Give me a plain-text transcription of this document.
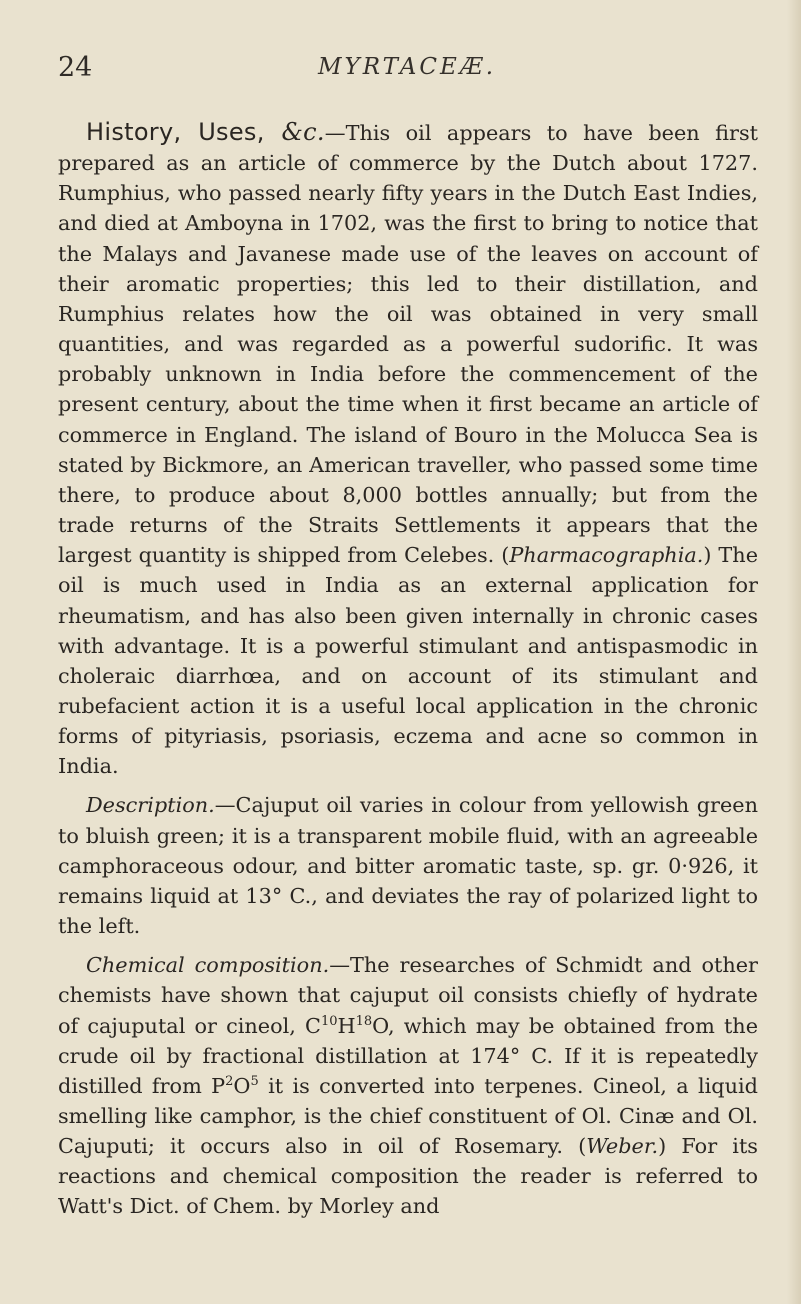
24	MYRTACEÆ.

History, Uses, &c.—This oil appears to have been first prepared as an article of commerce by the Dutch about 1727. Rumphius, who passed nearly fifty years in the Dutch East Indies, and died at Amboyna in 1702, was the first to bring to notice that the Malays and Javanese made use of the leaves on account of their aromatic properties; this led to their distillation, and Rumphius relates how the oil was obtained in very small quantities, and was regarded as a powerful sudorific. It was probably unknown in India before the commencement of the present century, about the time when it first became an article of commerce in England. The island of Bouro in the Molucca Sea is stated by Bickmore, an American traveller, who passed some time there, to produce about 8,000 bottles annually; but from the trade returns of the Straits Settlements it appears that the largest quantity is shipped from Celebes. (Pharmacographia.) The oil is much used in India as an external application for rheumatism, and has also been given internally in chronic cases with advantage. It is a powerful stimulant and antispasmodic in choleraic diarrhœa, and on account of its stimulant and rubefacient action it is a useful local application in the chronic forms of pityriasis, psoriasis, eczema and acne so common in India.

Description.—Cajuput oil varies in colour from yellowish green to bluish green; it is a transparent mobile fluid, with an agreeable camphoraceous odour, and bitter aromatic taste, sp. gr. 0·926, it remains liquid at 13° C., and deviates the ray of polarized light to the left.

Chemical composition.—The researches of Schmidt and other chemists have shown that cajuput oil consists chiefly of hydrate of cajuputal or cineol, $C^{10}H^{18}O$, which may be obtained from the crude oil by fractional distillation at 174° C. If it is repeatedly distilled from $P^2O^5$ it is converted into terpenes. Cineol, a liquid smelling like camphor, is the chief constituent of Ol. Cinæ and Ol. Cajuputi; it occurs also in oil of Rosemary. (Weber.) For its reactions and chemical composition the reader is referred to Watt's Dict. of Chem. by Morley and
